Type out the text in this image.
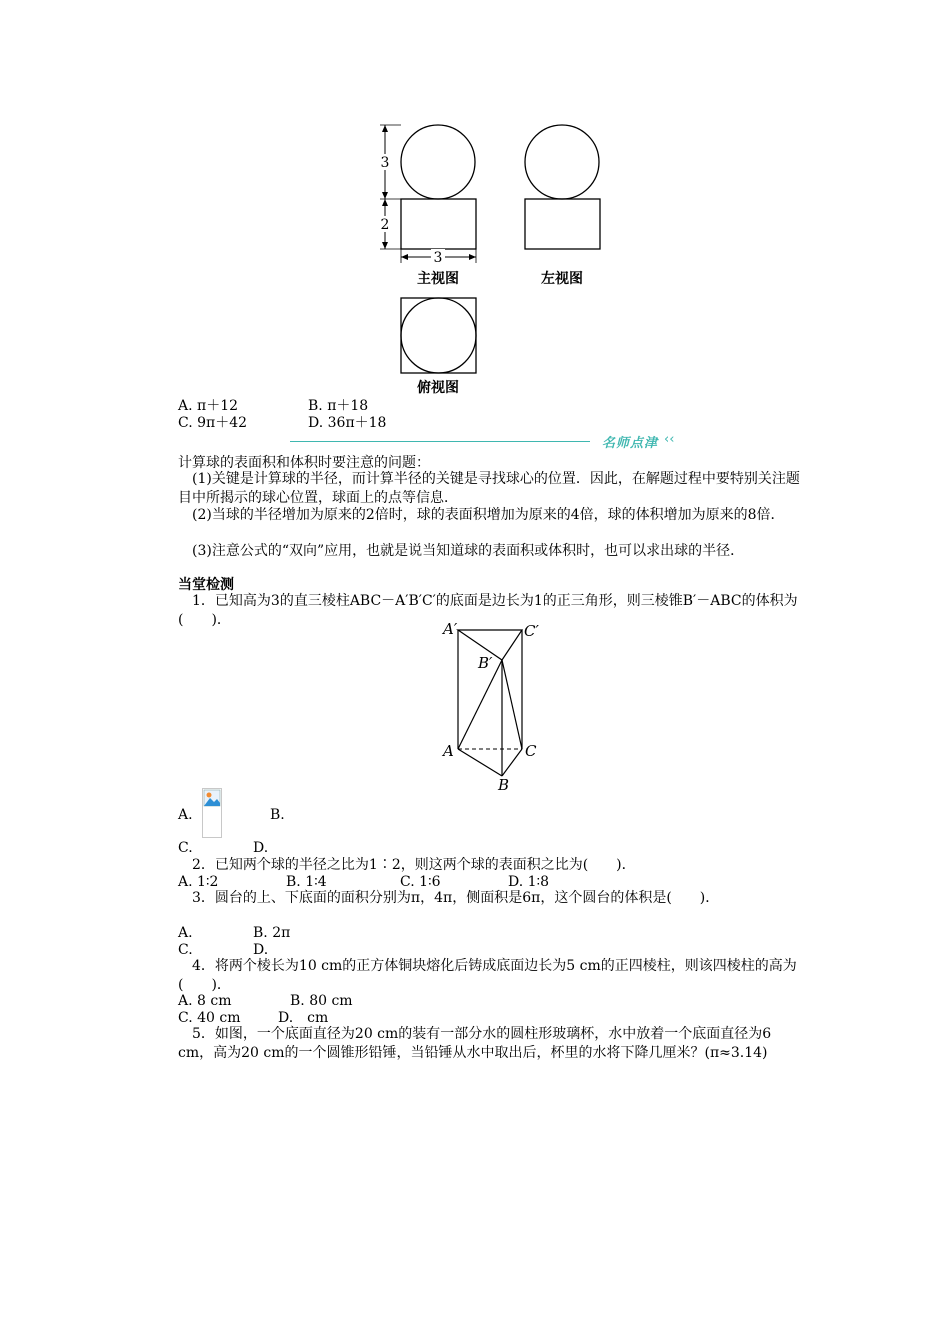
3
2
3
主视图	左视图
俯视图
A. π＋12	B. π＋18
C. 9π＋42	D. 36π＋18
名师点津 ‹‹
计算球的表面积和体积时要注意的问题：
(1)关键是计算球的半径，而计算半径的关键是寻找球心的位置．因此，在解题过程中要特别关注题目中所揭示的球心位置，球面上的点等信息．
(2)当球的半径增加为原来的2倍时，球的表面积增加为原来的4倍，球的体积增加为原来的8倍．
(3)注意公式的“双向”应用，也就是说当知道球的表面积或体积时，也可以求出球的半径．
当堂检测
1．已知高为3的直三棱柱ABC－A′B′C′的底面是边长为1的正三角形，则三棱锥B′－ABC的体积为(　　)．	A′	C′
B′
A	C
B
A.	B.
C.	D.
2．已知两个球的半径之比为1∶2，则这两个球的表面积之比为(　　)．
A. 1∶2	B. 1∶4	C. 1∶6	D. 1∶8
3．圆台的上、下底面的面积分别为π，4π，侧面积是6π，这个圆台的体积是(　　)．
A.	B. 2π
C.	D.
4．将两个棱长为10 cm的正方体铜块熔化后铸成底面边长为5 cm的正四棱柱，则该四棱柱的高为(　　)．
A. 8 cm	B. 80 cm
C. 40 cm	D.　cm
5．如图，一个底面直径为20 cm的装有一部分水的圆柱形玻璃杯，水中放着一个底面直径为6 cm，高为20 cm的一个圆锥形铅锤，当铅锤从水中取出后，杯里的水将下降几厘米？(π≈3.14)
